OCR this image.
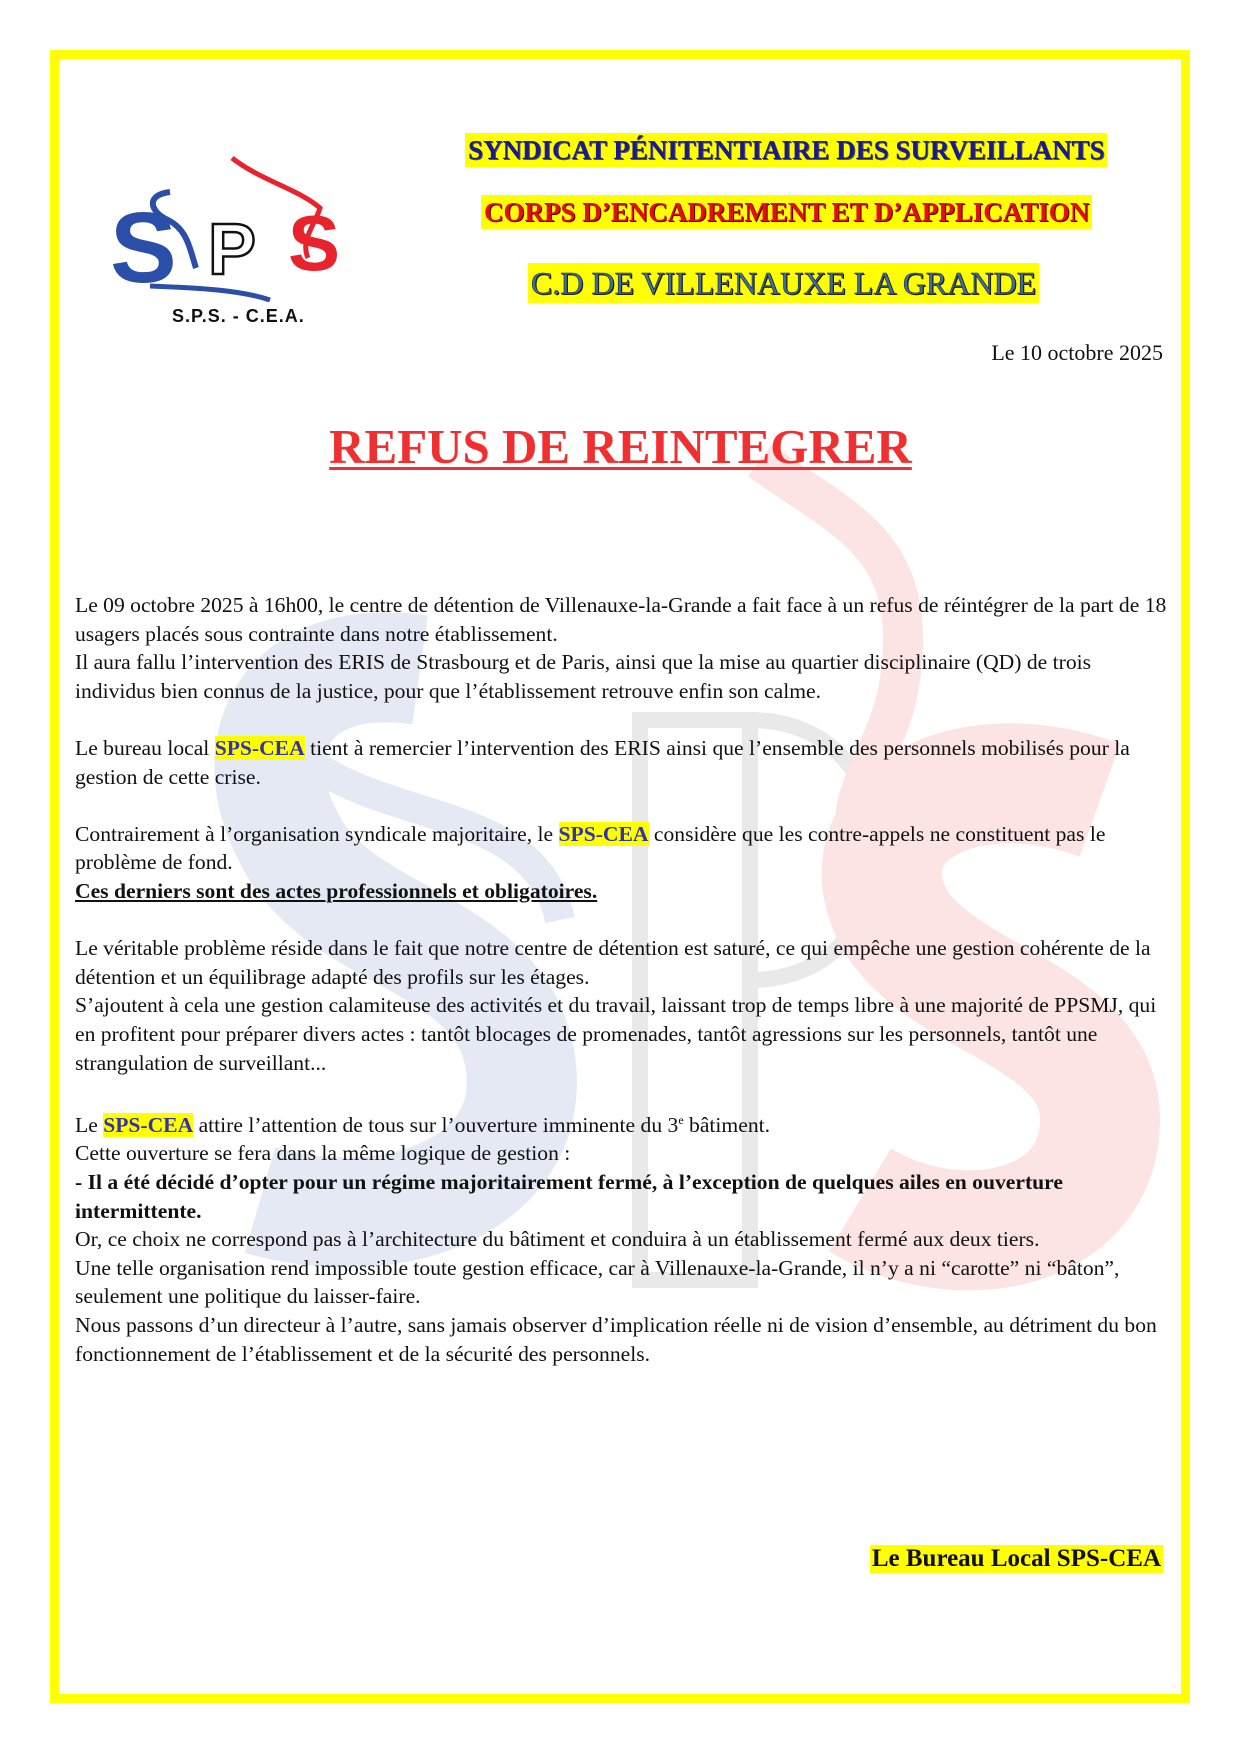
S P S
S.P.S. - C.E.A.
SYNDICAT PÉNITENTIAIRE DES SURVEILLANTS
CORPS D’ENCADREMENT ET D’APPLICATION
C.D DE VILLENAUXE LA GRANDE
Le 10 octobre 2025
REFUS DE REINTEGRER

Le 09 octobre 2025 à 16h00, le centre de détention de Villenauxe-la-Grande a fait face à un refus de réintégrer de la part de 18 usagers placés sous contrainte dans notre établissement.
Il aura fallu l’intervention des ERIS de Strasbourg et de Paris, ainsi que la mise au quartier disciplinaire (QD) de trois individus bien connus de la justice, pour que l’établissement retrouve enfin son calme.

Le bureau local SPS-CEA tient à remercier l’intervention des ERIS ainsi que l’ensemble des personnels mobilisés pour la gestion de cette crise.

Contrairement à l’organisation syndicale majoritaire, le SPS-CEA considère que les contre-appels ne constituent pas le problème de fond.
Ces derniers sont des actes professionnels et obligatoires.

Le véritable problème réside dans le fait que notre centre de détention est saturé, ce qui empêche une gestion cohérente de la détention et un équilibrage adapté des profils sur les étages.
S’ajoutent à cela une gestion calamiteuse des activités et du travail, laissant trop de temps libre à une majorité de PPSMJ, qui en profitent pour préparer divers actes : tantôt blocages de promenades, tantôt agressions sur les personnels, tantôt une strangulation de surveillant...

Le SPS-CEA attire l’attention de tous sur l’ouverture imminente du 3e bâtiment.
Cette ouverture se fera dans la même logique de gestion :
- Il a été décidé d’opter pour un régime majoritairement fermé, à l’exception de quelques ailes en ouverture intermittente.
Or, ce choix ne correspond pas à l’architecture du bâtiment et conduira à un établissement fermé aux deux tiers.
Une telle organisation rend impossible toute gestion efficace, car à Villenauxe-la-Grande, il n’y a ni “carotte” ni “bâton”, seulement une politique du laisser-faire.
Nous passons d’un directeur à l’autre, sans jamais observer d’implication réelle ni de vision d’ensemble, au détriment du bon fonctionnement de l’établissement et de la sécurité des personnels.

Le Bureau Local SPS-CEA
